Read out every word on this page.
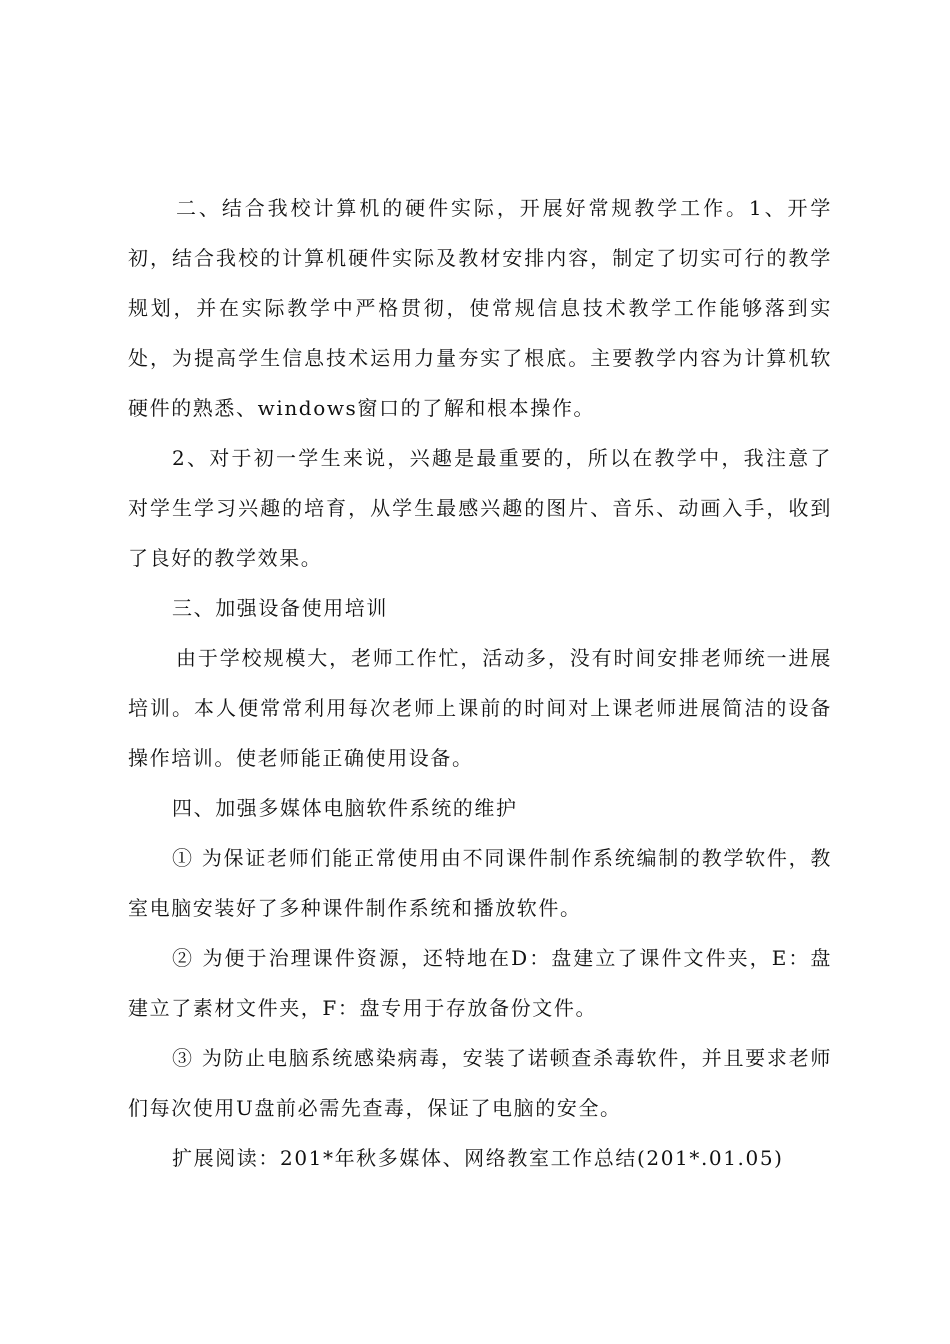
二、结合我校计算机的硬件实际，开展好常规教学工作。1、开学初，结合我校的计算机硬件实际及教材安排内容，制定了切实可行的教学规划，并在实际教学中严格贯彻，使常规信息技术教学工作能够落到实处，为提高学生信息技术运用力量夯实了根底。主要教学内容为计算机软硬件的熟悉、windows窗口的了解和根本操作。

2、对于初一学生来说，兴趣是最重要的，所以在教学中，我注意了对学生学习兴趣的培育，从学生最感兴趣的图片、音乐、动画入手，收到了良好的教学效果。

三、加强设备使用培训

由于学校规模大，老师工作忙，活动多，没有时间安排老师统一进展培训。本人便常常利用每次老师上课前的时间对上课老师进展简洁的设备操作培训。使老师能正确使用设备。

四、加强多媒体电脑软件系统的维护

① 为保证老师们能正常使用由不同课件制作系统编制的教学软件，教室电脑安装好了多种课件制作系统和播放软件。

② 为便于治理课件资源，还特地在D：盘建立了课件文件夹，E：盘建立了素材文件夹，F：盘专用于存放备份文件。

③ 为防止电脑系统感染病毒，安装了诺顿查杀毒软件，并且要求老师们每次使用U盘前必需先查毒，保证了电脑的安全。

扩展阅读：201*年秋多媒体、网络教室工作总结(201*.01.05)
